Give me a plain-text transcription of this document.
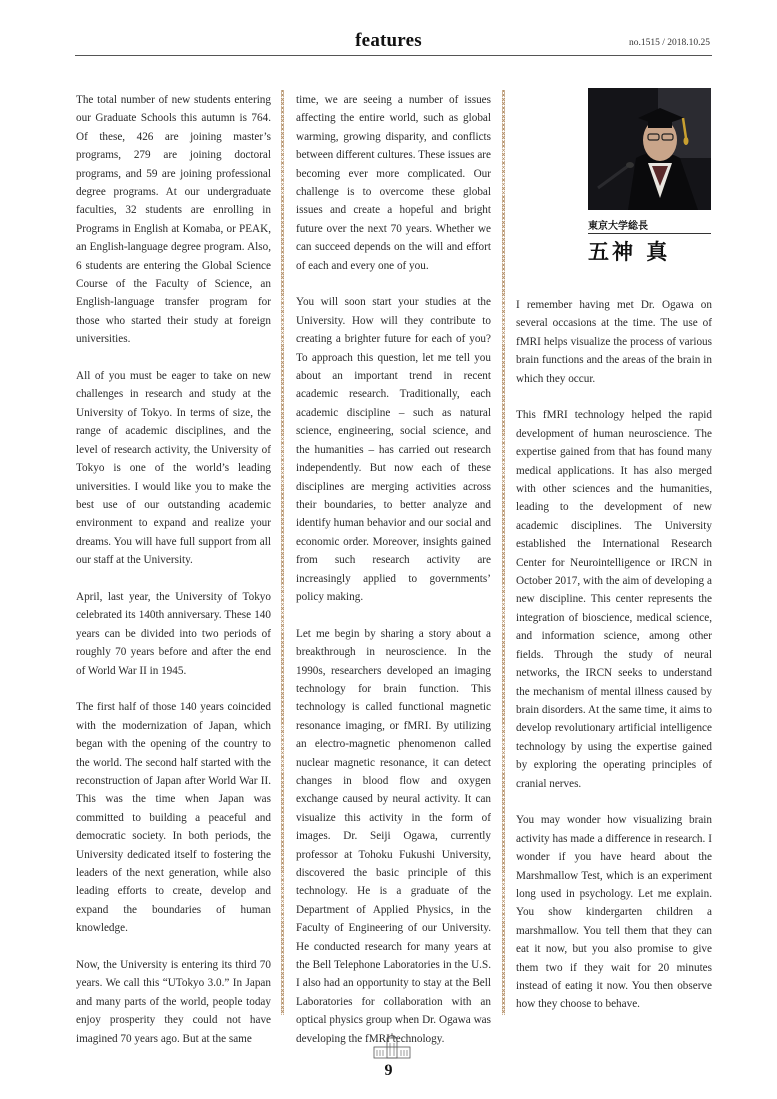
features	no.1515 / 2018.10.25

The total number of new students entering our Graduate Schools this autumn is 764. Of these, 426 are joining master’s programs, 279 are joining doctoral programs, and 59 are joining professional degree programs. At our undergraduate faculties, 32 students are enrolling in Programs in English at Komaba, or PEAK, an English-language degree program. Also, 6 students are entering the Global Science Course of the Faculty of Science, an English-language transfer program for those who started their study at foreign universities.

All of you must be eager to take on new challenges in research and study at the University of Tokyo. In terms of size, the range of academic disciplines, and the level of research activity, the University of Tokyo is one of the world’s leading universities. I would like you to make the best use of our outstanding academic environment to expand and realize your dreams. You will have full support from all our staff at the University.

April, last year, the University of Tokyo celebrated its 140th anniversary. These 140 years can be divided into two periods of roughly 70 years before and after the end of World War II in 1945.

The first half of those 140 years coincided with the modernization of Japan, which began with the opening of the country to the world. The second half started with the reconstruction of Japan after World War II. This was the time when Japan was committed to building a peaceful and democratic society. In both periods, the University dedicated itself to fostering the leaders of the next generation, while also leading efforts to create, develop and expand the boundaries of human knowledge.

Now, the University is entering its third 70 years. We call this “UTokyo 3.0.” In Japan and many parts of the world, people today enjoy prosperity they could not have imagined 70 years ago. But at the same

time, we are seeing a number of issues affecting the entire world, such as global warming, growing disparity, and conflicts between different cultures. These issues are becoming ever more complicated. Our challenge is to overcome these global issues and create a hopeful and bright future over the next 70 years. Whether we can succeed depends on the will and effort of each and every one of you.

You will soon start your studies at the University. How will they contribute to creating a brighter future for each of you? To approach this question, let me tell you about an important trend in recent academic research. Traditionally, each academic discipline – such as natural science, engineering, social science, and the humanities – has carried out research independently. But now each of these disciplines are merging activities across their boundaries, to better analyze and identify human behavior and our social and economic order. Moreover, insights gained from such research activity are increasingly applied to governments’ policy making.

Let me begin by sharing a story about a breakthrough in neuroscience. In the 1990s, researchers developed an imaging technology for brain function. This technology is called functional magnetic resonance imaging, or fMRI. By utilizing an electro-magnetic phenomenon called nuclear magnetic resonance, it can detect changes in blood flow and oxygen exchange caused by neural activity. It can visualize this activity in the form of images. Dr. Seiji Ogawa, currently professor at Tohoku Fukushi University, discovered the basic principle of this technology. He is a graduate of the Department of Applied Physics, in the Faculty of Engineering of our University. He conducted research for many years at the Bell Telephone Laboratories in the U.S. I also had an opportunity to stay at the Bell Laboratories for collaboration with an optical physics group when Dr. Ogawa was developing the fMRI technology.

東京大学総長
五神 真

I remember having met Dr. Ogawa on several occasions at the time. The use of fMRI helps visualize the process of various brain functions and the areas of the brain in which they occur.

This fMRI technology helped the rapid development of human neuroscience. The expertise gained from that has found many medical applications. It has also merged with other sciences and the humanities, leading to the development of new academic disciplines. The University established the International Research Center for Neurointelligence or IRCN in October 2017, with the aim of developing a new discipline. This center represents the integration of bioscience, medical science, and information science, among other fields. Through the study of neural networks, the IRCN seeks to understand the mechanism of mental illness caused by brain disorders. At the same time, it aims to develop revolutionary artificial intelligence technology by using the expertise gained by exploring the operating principles of cranial nerves.

You may wonder how visualizing brain activity has made a difference in research. I wonder if you have heard about the Marshmallow Test, which is an experiment long used in psychology. Let me explain. You show kindergarten children a marshmallow. You tell them that they can eat it now, but you also promise to give them two if they wait for 20 minutes instead of eating it now. You then observe how they choose to behave.

9
